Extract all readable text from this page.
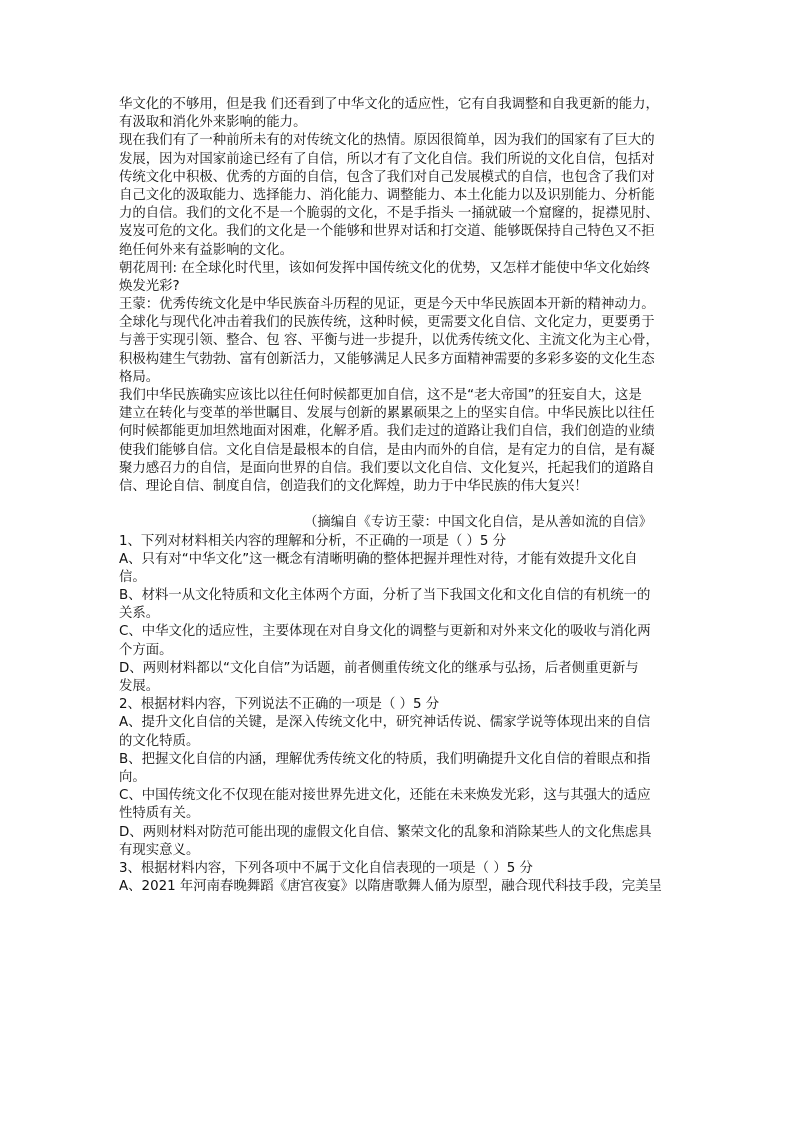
华文化的不够用，但是我 们还看到了中华文化的适应性，它有自我调整和自我更新的能力，
有汲取和消化外来影响的能力。
现在我们有了一种前所未有的对传统文化的热情。原因很简单，因为我们的国家有了巨大的
发展，因为对国家前途已经有了自信，所以才有了文化自信。我们所说的文化自信，包括对
传统文化中积极、优秀的方面的自信，包含了我们对自己发展模式的自信，也包含了我们对
自己文化的汲取能力、选择能力、消化能力、调整能力、本土化能力以及识别能力、分析能
力的自信。我们的文化不是一个脆弱的文化，不是手指头 一捅就破一个窟窿的，捉襟见肘、
岌岌可危的文化。我们的文化是一个能够和世界对话和打交道、能够既保持自己特色又不拒
绝任何外来有益影响的文化。
朝花周刊: 在全球化时代里，该如何发挥中国传统文化的优势，又怎样才能使中华文化始终
焕发光彩?
王蒙：优秀传统文化是中华民族奋斗历程的见证，更是今天中华民族固本开新的精神动力。
全球化与现代化冲击着我们的民族传统，这种时候，更需要文化自信、文化定力，更要勇于
与善于实现引领、整合、包 容、平衡与进一步提升，以优秀传统文化、主流文化为主心骨，
积极构建生气勃勃、富有创新活力，又能够满足人民多方面精神需要的多彩多姿的文化生态
格局。
我们中华民族确实应该比以往任何时候都更加自信，这不是“老大帝国”的狂妄自大，这是
建立在转化与变革的举世瞩目、发展与创新的累累硕果之上的坚实自信。中华民族比以往任
何时候都能更加坦然地面对困难，化解矛盾。我们走过的道路让我们自信，我们创造的业绩
使我们能够自信。文化自信是最根本的自信，是由内而外的自信，是有定力的自信，是有凝
聚力感召力的自信，是面向世界的自信。我们要以文化自信、文化复兴，托起我们的道路自
信、理论自信、制度自信，创造我们的文化辉煌，助力于中华民族的伟大复兴！
（摘编自《专访王蒙：中国文化自信，是从善如流的自信》
1、下列对材料相关内容的理解和分析，不正确的一项是（ ）5 分
A、只有对“中华文化”这一概念有清晰明确的整体把握并理性对待，才能有效提升文化自
信。
B、材料一从文化特质和文化主体两个方面，分析了当下我国文化和文化自信的有机统一的
关系。
C、中华文化的适应性，主要体现在对自身文化的调整与更新和对外来文化的吸收与消化两
个方面。
D、两则材料都以“文化自信”为话题，前者侧重传统文化的继承与弘扬，后者侧重更新与
发展。
2、根据材料内容，下列说法不正确的一项是（ ）5 分
A、提升文化自信的关键，是深入传统文化中，研究神话传说、儒家学说等体现出来的自信
的文化特质。
B、把握文化自信的内涵，理解优秀传统文化的特质，我们明确提升文化自信的着眼点和指
向。
C、中国传统文化不仅现在能对接世界先进文化，还能在未来焕发光彩，这与其强大的适应
性特质有关。
D、两则材料对防范可能出现的虚假文化自信、繁荣文化的乱象和消除某些人的文化焦虑具
有现实意义。
3、根据材料内容，下列各项中不属于文化自信表现的一项是（ ）5 分
A、2021 年河南春晚舞蹈《唐宫夜宴》以隋唐歌舞人俑为原型，融合现代科技手段，完美呈
